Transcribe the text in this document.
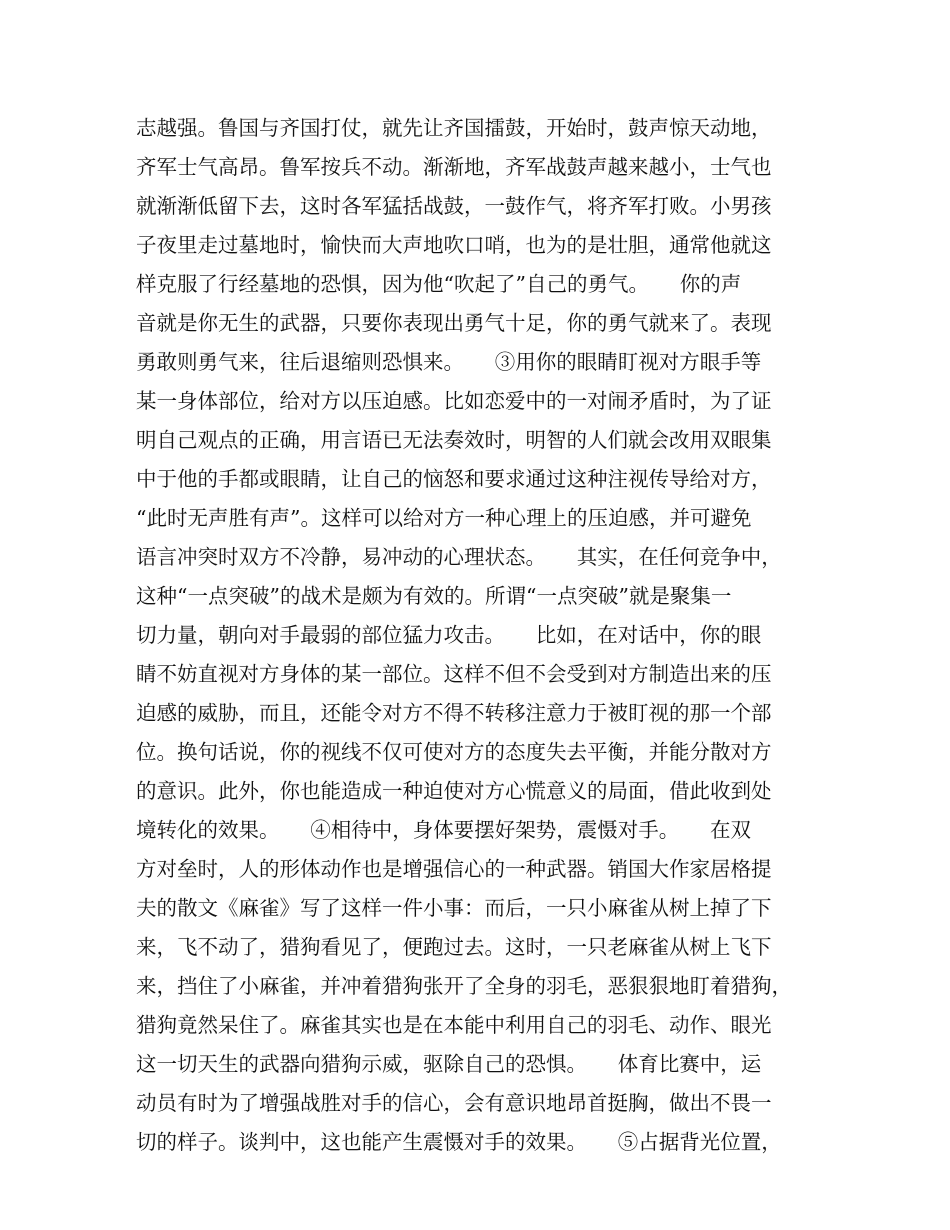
志越强。鲁国与齐国打仗，就先让齐国擂鼓，开始时，鼓声惊天动地，
齐军士气高昂。鲁军按兵不动。渐渐地，齐军战鼓声越来越小，士气也
就渐渐低留下去，这时各军猛括战鼓，一鼓作气，将齐军打败。小男孩
子夜里走过墓地时，愉快而大声地吹口哨，也为的是壮胆，通常他就这
样克服了行经墓地的恐惧，因为他“吹起了”自己的勇气。　　你的声
音就是你无生的武器，只要你表现出勇气十足，你的勇气就来了。表现
勇敢则勇气来，往后退缩则恐惧来。　　③用你的眼睛盯视对方眼手等
某一身体部位，给对方以压迫感。比如恋爱中的一对闹矛盾时，为了证
明自己观点的正确，用言语已无法奏效时，明智的人们就会改用双眼集
中于他的手都或眼睛，让自己的恼怒和要求通过这种注视传导给对方，
“此时无声胜有声”。这样可以给对方一种心理上的压迫感，并可避免
语言冲突时双方不冷静，易冲动的心理状态。　　其实，在任何竞争中，
这种“一点突破”的战术是颇为有效的。所谓“一点突破”就是聚集一
切力量，朝向对手最弱的部位猛力攻击。　　比如，在对话中，你的眼
睛不妨直视对方身体的某一部位。这样不但不会受到对方制造出来的压
迫感的威胁，而且，还能令对方不得不转移注意力于被盯视的那一个部
位。换句话说，你的视线不仅可使对方的态度失去平衡，并能分散对方
的意识。此外，你也能造成一种迫使对方心慌意义的局面，借此收到处
境转化的效果。　　④相待中，身体要摆好架势，震慑对手。　　在双
方对垒时，人的形体动作也是增强信心的一种武器。销国大作家居格提
夫的散文《麻雀》写了这样一件小事：而后，一只小麻雀从树上掉了下
来，飞不动了，猎狗看见了，便跑过去。这时，一只老麻雀从树上飞下
来，挡住了小麻雀，并冲着猎狗张开了全身的羽毛，恶狠狠地盯着猎狗，
猎狗竟然呆住了。麻雀其实也是在本能中利用自己的羽毛、动作、眼光
这一切天生的武器向猎狗示威，驱除自己的恐惧。　　体育比赛中，运
动员有时为了增强战胜对手的信心，会有意识地昂首挺胸，做出不畏一
切的样子。谈判中，这也能产生震慑对手的效果。　　⑤占据背光位置，
